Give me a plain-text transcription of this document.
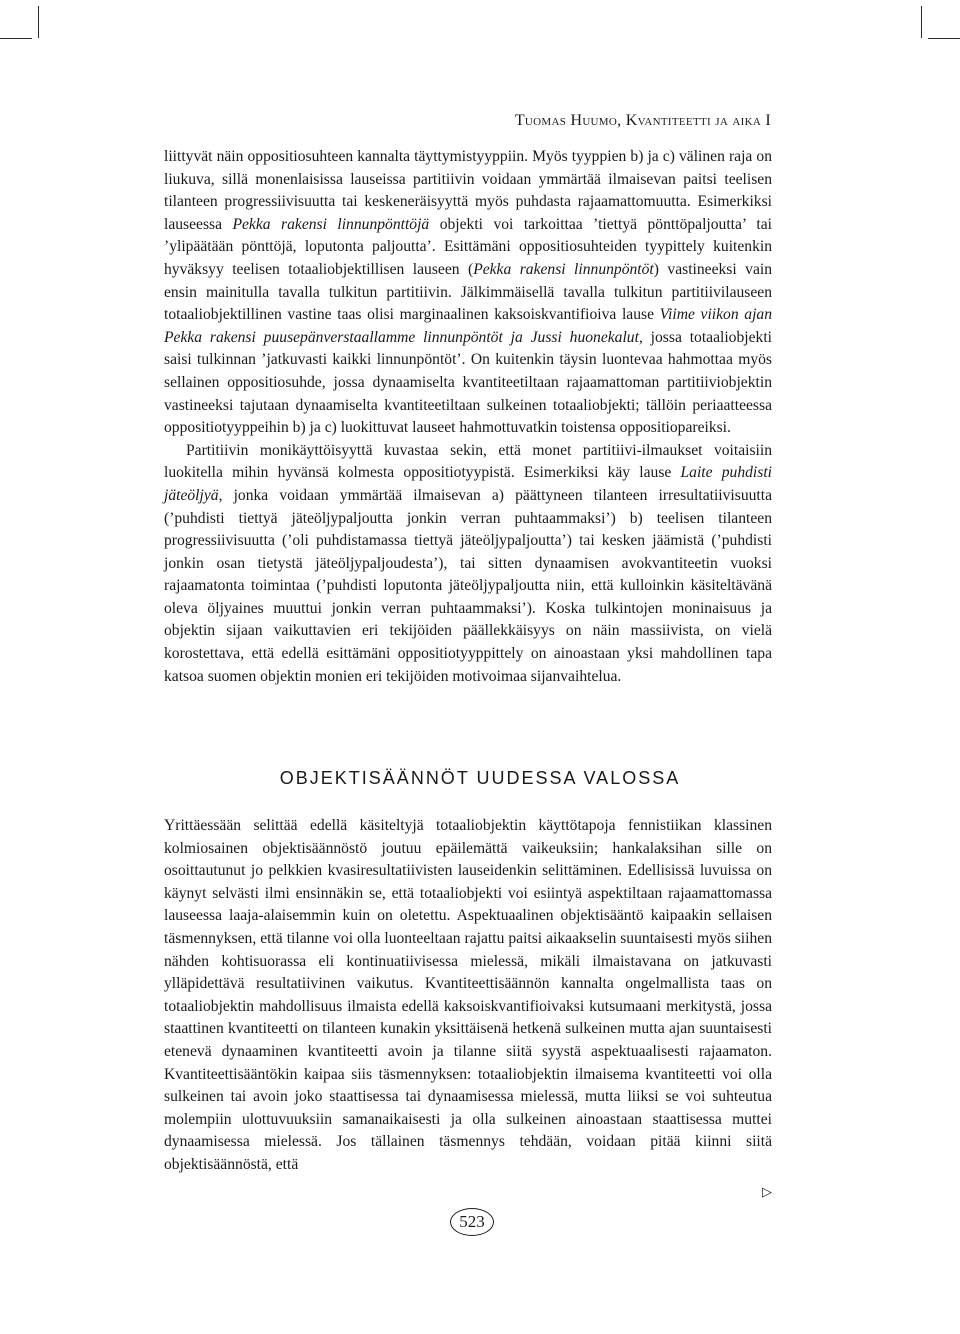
Tuomas Huumo, Kvantiteetti ja aika I

liittyvät näin oppositiosuhteen kannalta täyttymistyyppiin. Myös tyyppien b) ja c) välinen raja on liukuva, sillä monenlaisissa lauseissa partitiivin voidaan ymmärtää ilmaisevan paitsi teelisen tilanteen progressiivisuutta tai keskeneräisyyttä myös puhdasta rajaamattomuutta. Esimerkiksi lauseessa Pekka rakensi linnunpönttöjä objekti voi tarkoittaa ’tiettyä pönttöpaljoutta’ tai ’ylipäätään pönttöjä, loputonta paljoutta’. Esittämäni oppositiosuhteiden tyypittely kuitenkin hyväksyy teelisen totaaliobjektillisen lauseen (Pekka rakensi linnunpöntöt) vastineeksi vain ensin mainitulla tavalla tulkitun partitiivin. Jälkimmäisellä tavalla tulkitun partitiivilauseen totaaliobjektillinen vastine taas olisi marginaalinen kaksoiskvantifioiva lause Viime viikon ajan Pekka rakensi puusepänverstaallamme linnunpöntöt ja Jussi huonekalut, jossa totaaliobjekti saisi tulkinnan ’jatkuvasti kaikki linnunpöntöt’. On kuitenkin täysin luontevaa hahmottaa myös sellainen oppositiosuhde, jossa dynaamiselta kvantiteetiltaan rajaamattoman partitiiviobjektin vastineeksi tajutaan dynaamiselta kvantiteetiltaan sulkeinen totaaliobjekti; tällöin periaatteessa oppositiotyyppeihin b) ja c) luokittuvat lauseet hahmottuvatkin toistensa oppositiopareiksi.

Partitiivin monikäyttöisyyttä kuvastaa sekin, että monet partitiivi-ilmaukset voitaisiin luokitella mihin hyvänsä kolmesta oppositiotyypistä. Esimerkiksi käy lause Laite puhdisti jäteöljyä, jonka voidaan ymmärtää ilmaisevan a) päättyneen tilanteen irresultatiivisuutta (’puhdisti tiettyä jäteöljypaljoutta jonkin verran puhtaammaksi’) b) teelisen tilanteen progressiivisuutta (’oli puhdistamassa tiettyä jäteöljypaljoutta’) tai kesken jäämistä (’puhdisti jonkin osan tietystä jäteöljypaljoudesta’), tai sitten dynaamisen avokvantiteetin vuoksi rajaamatonta toimintaa (’puhdisti loputonta jäteöljypaljoutta niin, että kulloinkin käsiteltävänä oleva öljyaines muuttui jonkin verran puhtaammaksi’). Koska tulkintojen moninaisuus ja objektin sijaan vaikuttavien eri tekijöiden päällekkäisyys on näin massiivista, on vielä korostettava, että edellä esittämäni oppositiotyyppittely on ainoastaan yksi mahdollinen tapa katsoa suomen objektin monien eri tekijöiden motivoimaa sijanvaihtelua.

OBJEKTISÄÄNNÖT UUDESSA VALOSSA

Yrittäessään selittää edellä käsiteltyjä totaaliobjektin käyttötapoja fennistiikan klassinen kolmiosainen objektisäännöstö joutuu epäilemättä vaikeuksiin; hankalaksihan sille on osoittautunut jo pelkkien kvasiresultatiivisten lauseidenkin selittäminen. Edellisissä luvuissa on käynyt selvästi ilmi ensinnäkin se, että totaaliobjekti voi esiintyä aspektiltaan rajaamattomassa lauseessa laaja-alaisemmin kuin on oletettu. Aspektuaalinen objektisääntö kaipaakin sellaisen täsmennyksen, että tilanne voi olla luonteeltaan rajattu paitsi aikaakselin suuntaisesti myös siihen nähden kohtisuorassa eli kontinuatiivisessa mielessä, mikäli ilmaistavana on jatkuvasti ylläpidettävä resultatiivinen vaikutus. Kvantiteettisäännön kannalta ongelmallista taas on totaaliobjektin mahdollisuus ilmaista edellä kaksoiskvantifioivaksi kutsumaani merkitystä, jossa staattinen kvantiteetti on tilanteen kunakin yksittäisenä hetkenä sulkeinen mutta ajan suuntaisesti etenevä dynaaminen kvantiteetti avoin ja tilanne siitä syystä aspektuaalisesti rajaamaton. Kvantiteettisääntökin kaipaa siis täsmennyksen: totaaliobjektin ilmaisema kvantiteetti voi olla sulkeinen tai avoin joko staattisessa tai dynaamisessa mielessä, mutta liiksi se voi suhteutua molempiin ulottuvuuksiin samanaikaisesti ja olla sulkeinen ainoastaan staattisessa muttei dynaamisessa mielessä. Jos tällainen täsmennys tehdään, voidaan pitää kiinni siitä objektisäännöstä, että

▷
523
